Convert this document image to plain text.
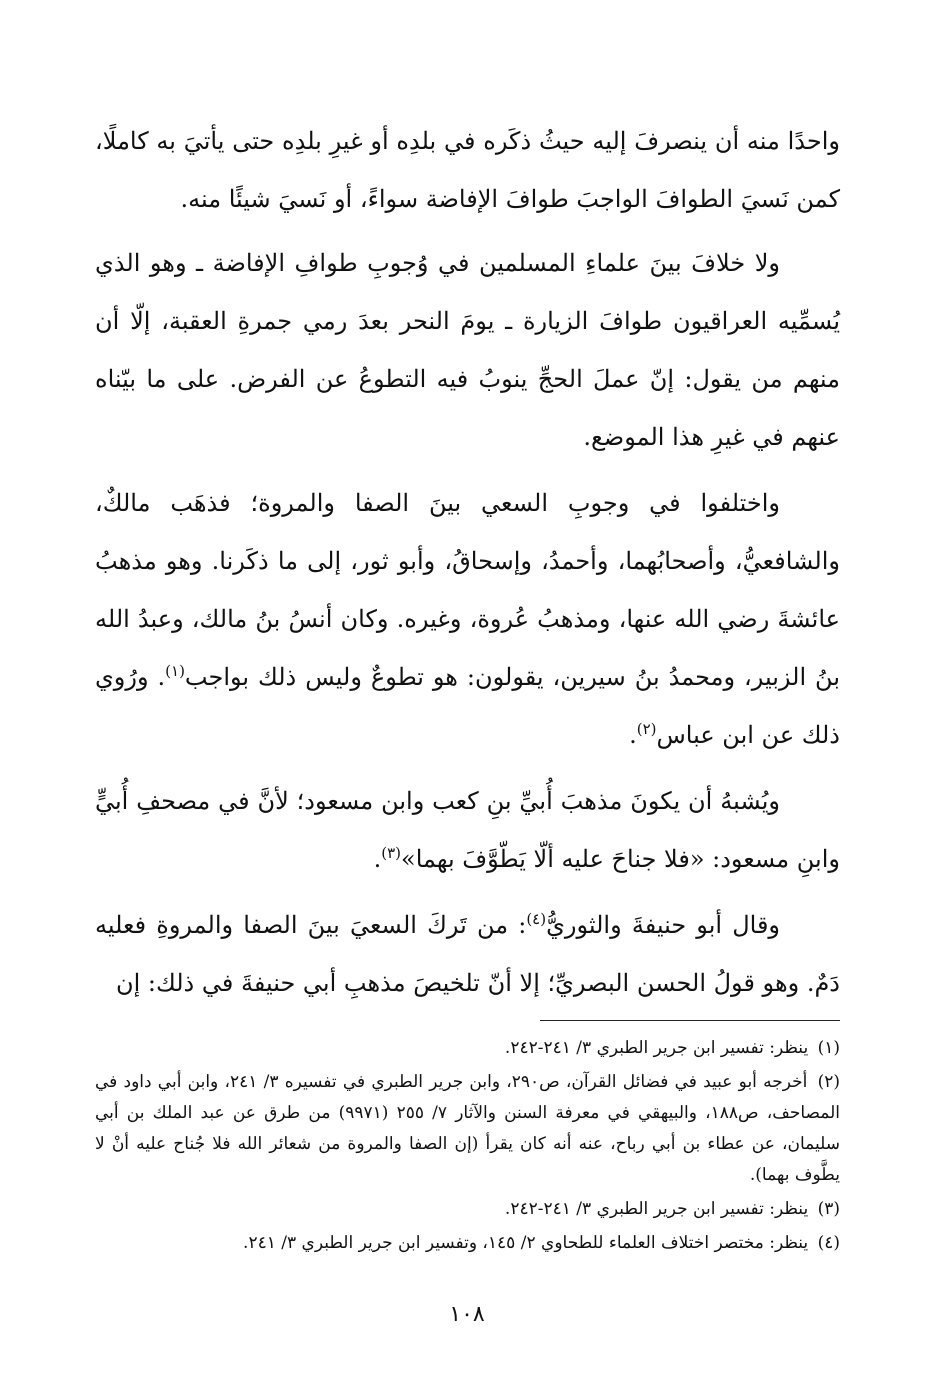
واحدًا منه أن ينصرفَ إليه حيثُ ذكَره في بلدِه أو غيرِ بلدِه حتى يأتيَ به كاملًا، كمن نَسيَ الطوافَ الواجبَ طوافَ الإفاضة سواءً، أو نَسيَ شيئًا منه.

ولا خلافَ بينَ علماءِ المسلمين في وُجوبِ طوافِ الإفاضة ـ وهو الذي يُسمِّيه العراقيون طوافَ الزيارة ـ يومَ النحر بعدَ رمي جمرةِ العقبة، إلّا أن منهم من يقول: إنّ عملَ الحجِّ ينوبُ فيه التطوعُ عن الفرض. على ما بيّناه عنهم في غيرِ هذا الموضع.

واختلفوا في وجوبِ السعي بينَ الصفا والمروة؛ فذهَب مالكٌ، والشافعيُّ، وأصحابُهما، وأحمدُ، وإسحاقُ، وأبو ثور، إلى ما ذكَرنا. وهو مذهبُ عائشةَ رضي الله عنها، ومذهبُ عُروة، وغيره. وكان أنسُ بنُ مالك، وعبدُ الله بنُ الزبير، ومحمدُ بنُ سيرين، يقولون: هو تطوعٌ وليس ذلك بواجب$^{(١)}$. ورُوي ذلك عن ابن عباس$^{(٢)}$.

ويُشبهُ أن يكونَ مذهبَ أُبيِّ بنِ كعب وابن مسعود؛ لأنَّ في مصحفِ أُبيٍّ وابنِ مسعود: «فلا جناحَ عليه ألّا يَطّوَّفَ بهما»$^{(٣)}$.

وقال أبو حنيفةَ والثوريُّ$^{(٤)}$: من تَركَ السعيَ بينَ الصفا والمروةِ فعليه دَمٌ. وهو قولُ الحسن البصريِّ؛ إلا أنّ تلخيصَ مذهبِ أبي حنيفةَ في ذلك: إن

(١) ينظر: تفسير ابن جرير الطبري ٣/ ٢٤١-٢٤٢.

(٢) أخرجه أبو عبيد في فضائل القرآن، ص٢٩٠، وابن جرير الطبري في تفسيره ٣/ ٢٤١، وابن أبي داود في المصاحف، ص١٨٨، والبيهقي في معرفة السنن والآثار ٧/ ٢٥٥ (٩٩٧١) من طرق عن عبد الملك بن أبي سليمان، عن عطاء بن أبي رباح، عنه أنه كان يقرأ (إن الصفا والمروة من شعائر الله فلا جُناح عليه أنْ لا يطَّوف بهما).

(٣) ينظر: تفسير ابن جرير الطبري ٣/ ٢٤١-٢٤٢.

(٤) ينظر: مختصر اختلاف العلماء للطحاوي ٢/ ١٤٥، وتفسير ابن جرير الطبري ٣/ ٢٤١.

١٠٨
